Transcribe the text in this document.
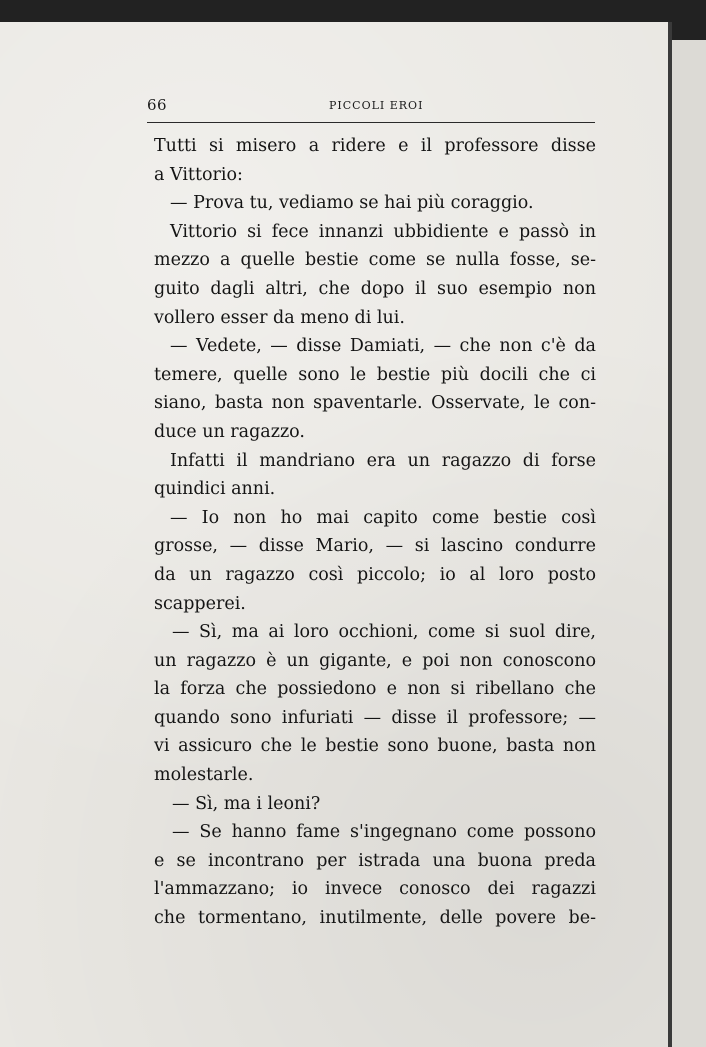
66	PICCOLI EROI
Tutti si misero a ridere e il professore disse
a Vittorio:
— Prova tu, vediamo se hai più coraggio.
Vittorio si fece innanzi ubbidiente e passò in
mezzo a quelle bestie come se nulla fosse, se-
guito dagli altri, che dopo il suo esempio non
vollero esser da meno di lui.
— Vedete, — disse Damiati, — che non c'è da
temere, quelle sono le bestie più docili che ci
siano, basta non spaventarle. Osservate, le con-
duce un ragazzo.
Infatti il mandriano era un ragazzo di forse
quindici anni.
— Io non ho mai capito come bestie così
grosse, — disse Mario, — si lascino condurre
da un ragazzo così piccolo; io al loro posto
scapperei.
— Sì, ma ai loro occhioni, come si suol dire,
un ragazzo è un gigante, e poi non conoscono
la forza che possiedono e non si ribellano che
quando sono infuriati — disse il professore; —
vi assicuro che le bestie sono buone, basta non
molestarle.
— Sì, ma i leoni?
— Se hanno fame s'ingegnano come possono
e se incontrano per istrada una buona preda
l'ammazzano; io invece conosco dei ragazzi
che tormentano, inutilmente, delle povere be-
